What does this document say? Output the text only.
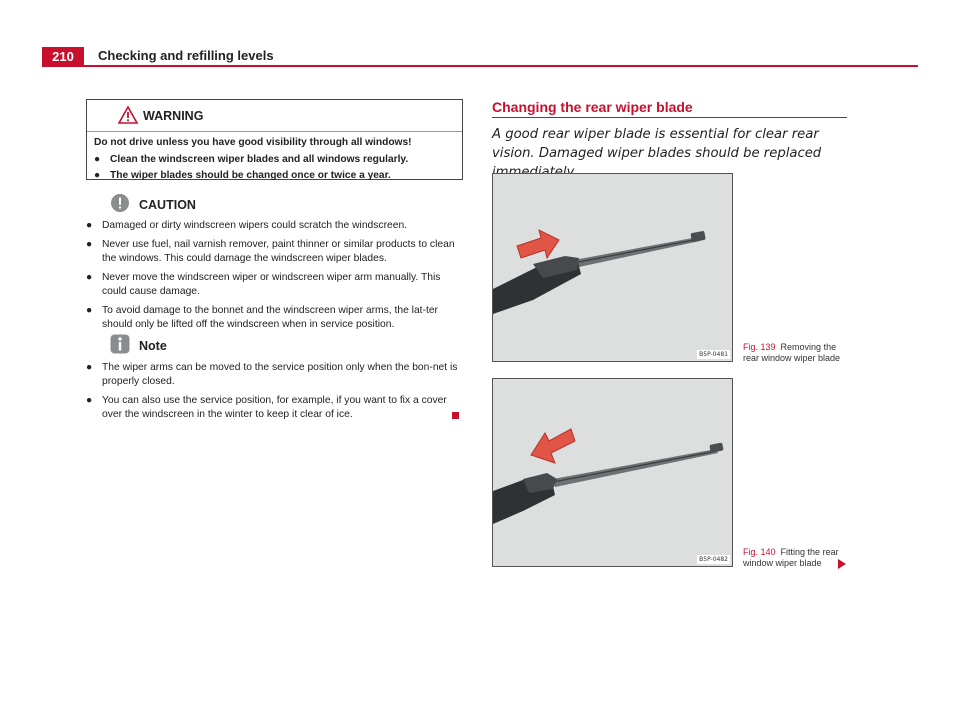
210	Checking and refilling levels
WARNING
Do not drive unless you have good visibility through all windows!
● Clean the windscreen wiper blades and all windows regularly.
● The wiper blades should be changed once or twice a year.
CAUTION

● Damaged or dirty windscreen wipers could scratch the windscreen.

● Never use fuel, nail varnish remover, paint thinner or similar products to clean the windows. This could damage the windscreen wiper blades.

● Never move the windscreen wiper or windscreen wiper arm manually. This could cause damage.

● To avoid damage to the bonnet and the windscreen wiper arms, the lat-ter should only be lifted off the windscreen when in service position.

Note

● The wiper arms can be moved to the service position only when the bon-net is properly closed.

● You can also use the service position, for example, if you want to fix a cover over the windscreen in the winter to keep it clear of ice.

Changing the rear wiper blade
A good rear wiper blade is essential for clear rear vision. Damaged wiper blades should be replaced
B5P-0481
Fig. 139 Removing the rear window wiper blade
B5P-0482
Fig. 140 Fitting the rear window wiper blade
